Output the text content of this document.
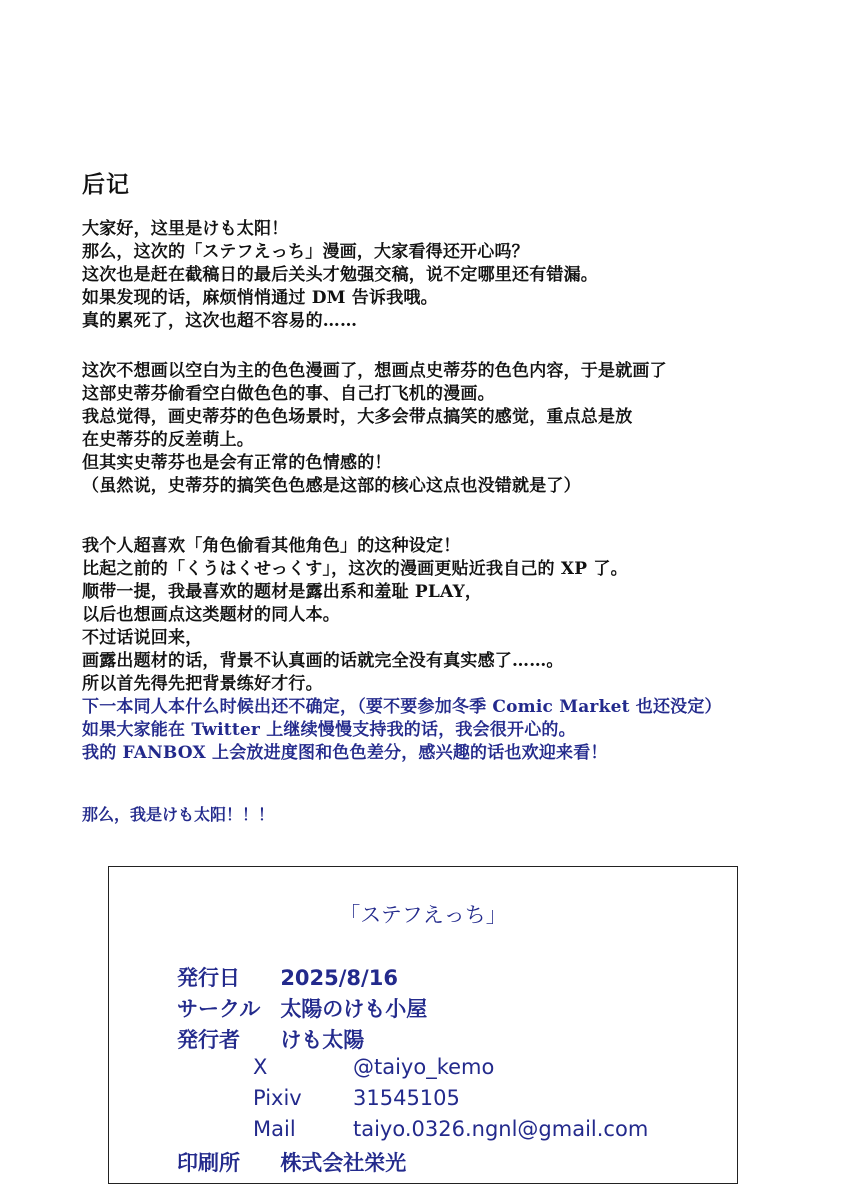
后记
大家好，这里是けも太阳！
那么，这次的「ステフえっち」漫画，大家看得还开心吗？
这次也是赶在截稿日的最后关头才勉强交稿，说不定哪里还有错漏。
如果发现的话，麻烦悄悄通过 DM 告诉我哦。
真的累死了，这次也超不容易的……
这次不想画以空白为主的色色漫画了，想画点史蒂芬的色色内容，于是就画了
这部史蒂芬偷看空白做色色的事、自己打飞机的漫画。
我总觉得，画史蒂芬的色色场景时，大多会带点搞笑的感觉，重点总是放
在史蒂芬的反差萌上。
但其实史蒂芬也是会有正常的色情感的！
（虽然说，史蒂芬的搞笑色色感是这部的核心这点也没错就是了）
我个人超喜欢「角色偷看其他角色」的这种设定！
比起之前的「くうはくせっくす」，这次的漫画更贴近我自己的 XP 了。
顺带一提，我最喜欢的题材是露出系和羞耻 PLAY，
以后也想画点这类题材的同人本。
不过话说回来，
画露出题材的话，背景不认真画的话就完全没有真实感了……。
所以首先得先把背景练好才行。
下一本同人本什么时候出还不确定，（要不要参加冬季 Comic Market 也还没定）
如果大家能在 Twitter 上继续慢慢支持我的话，我会很开心的。
我的 FANBOX 上会放进度图和色色差分，感兴趣的话也欢迎来看！
那么，我是けも太阳！！！
「ステフえっち」
発行日 2025/8/16
サークル 太陽のけも小屋
発行者 けも太陽
X	@taiyo_kemo
Pixiv 31545105
Mail	taiyo.0326.ngnl@gmail.com
印刷所 株式会社栄光
